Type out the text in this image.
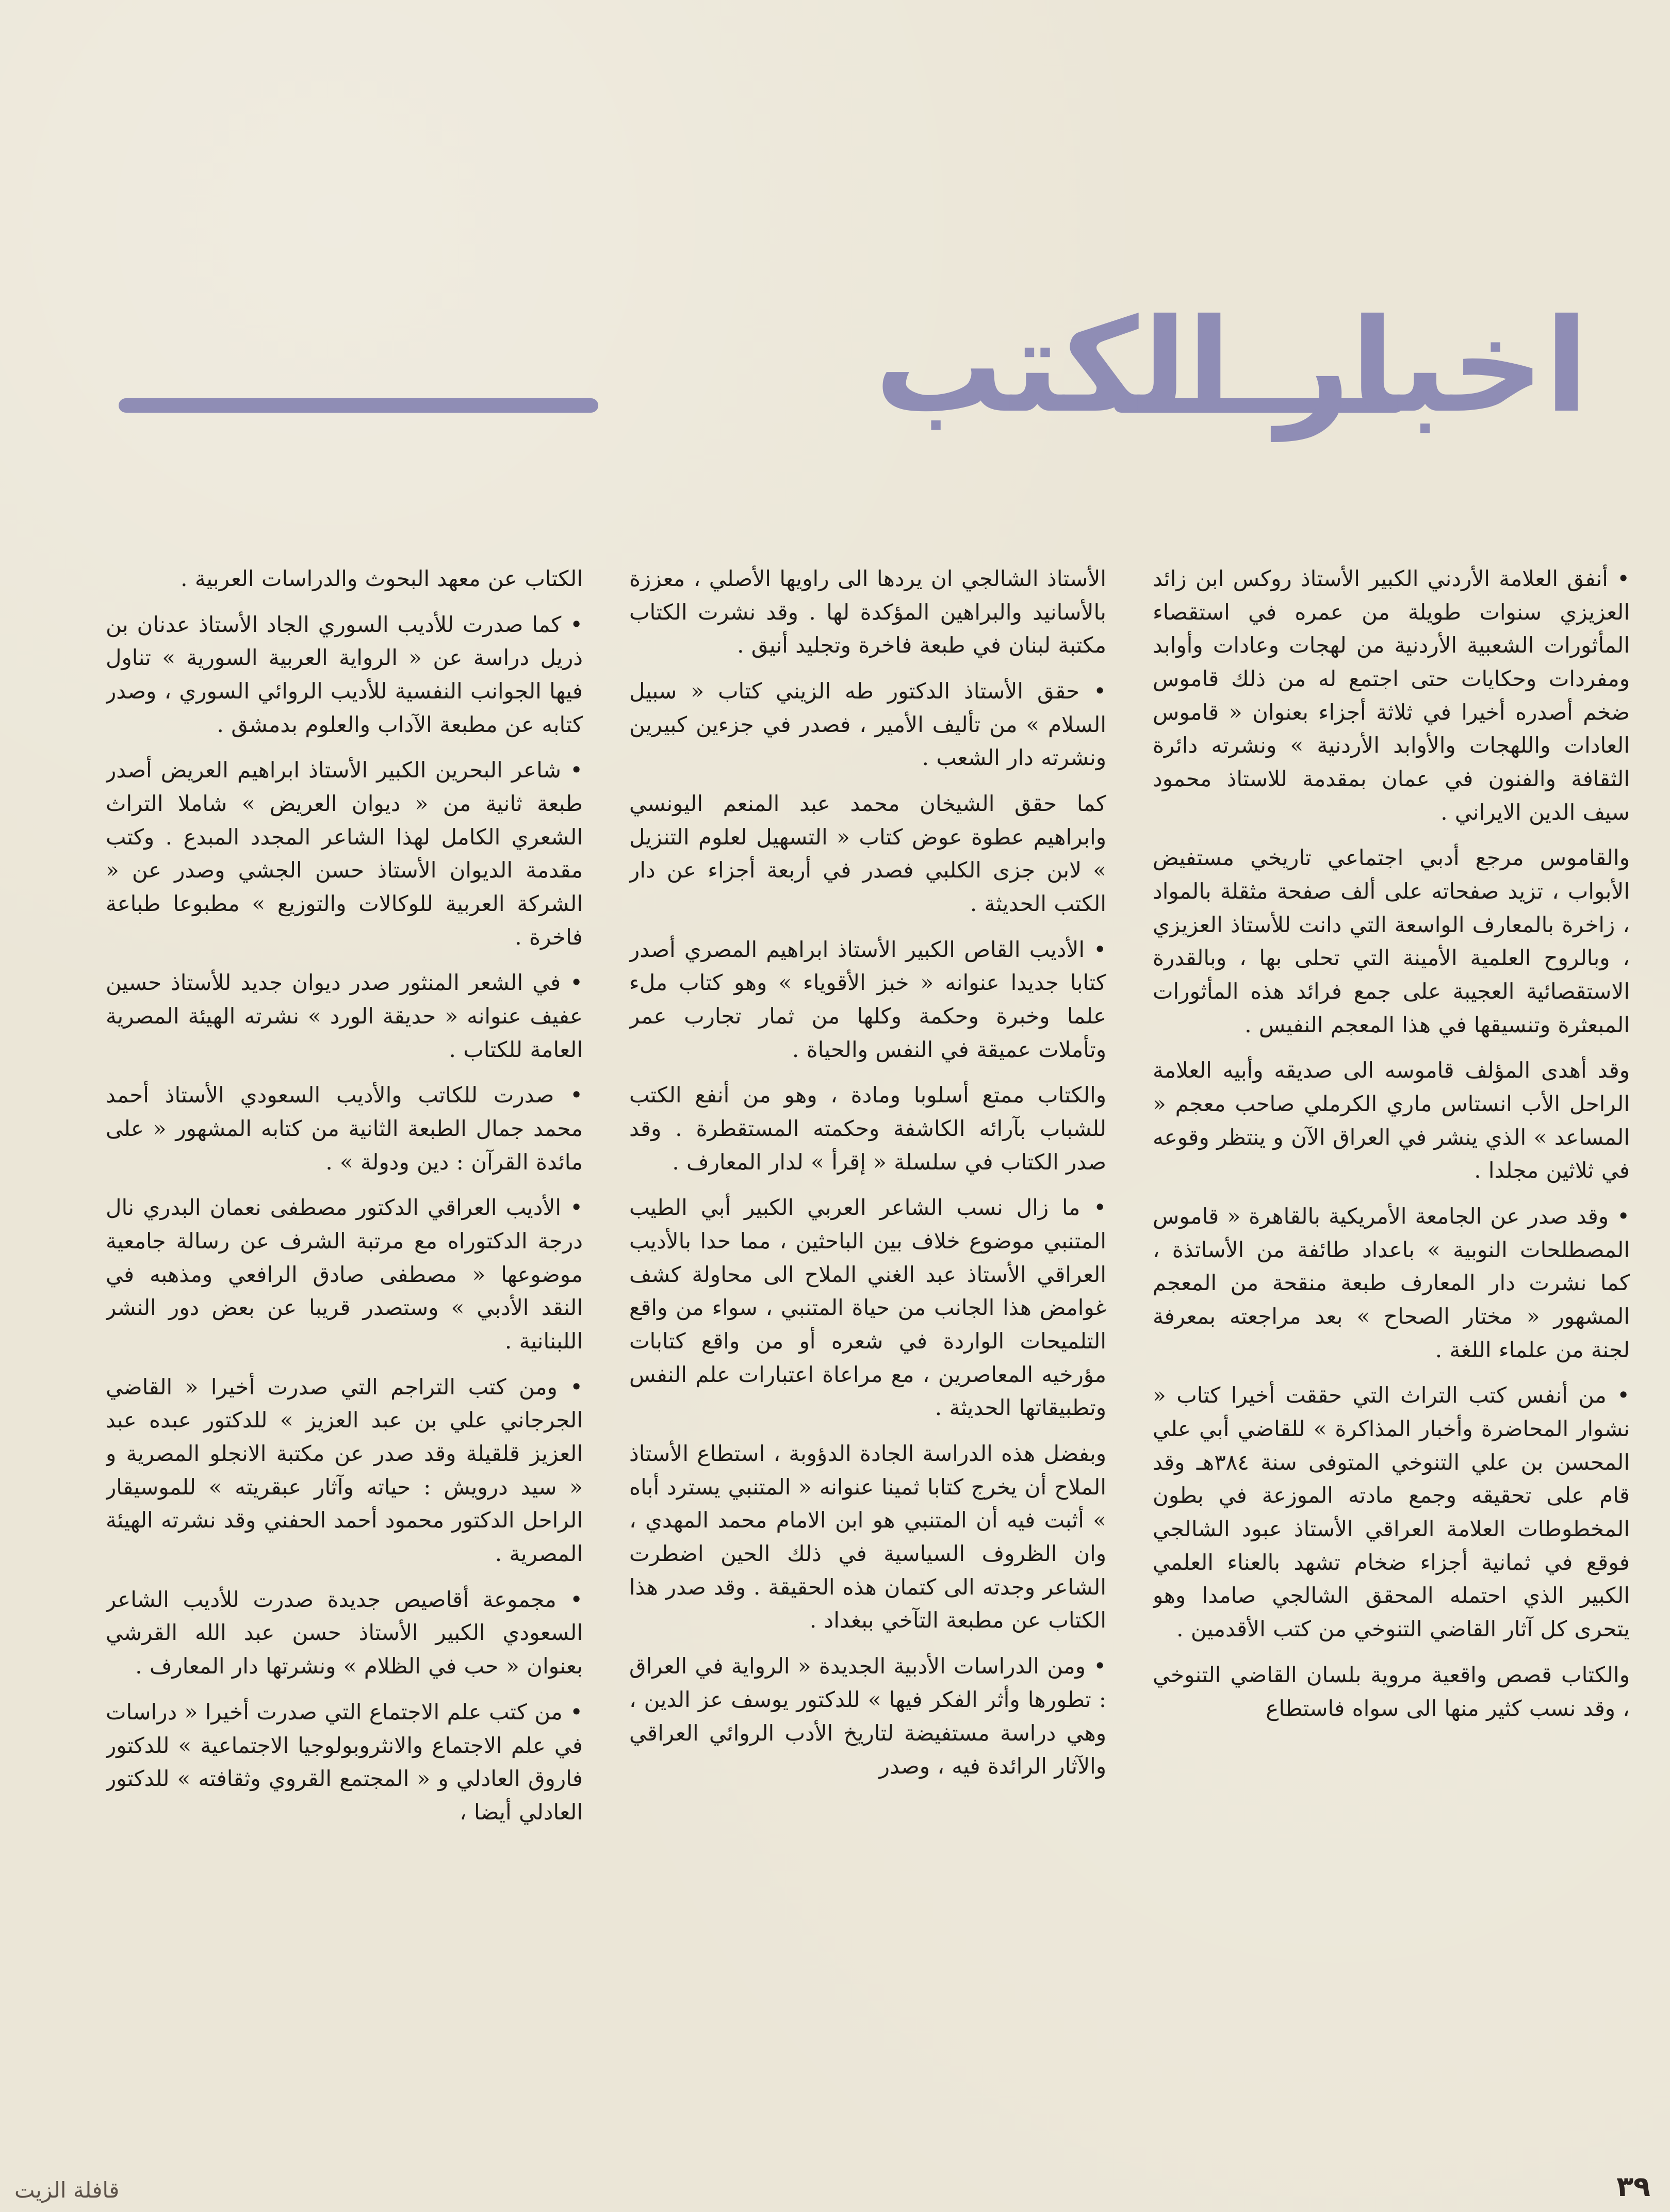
اخبار الكتب

• أنفق العلامة الأردني الكبير الأستاذ روكس ابن زائد العزيزي سنوات طويلة من عمره في استقصاء المأثورات الشعبية الأردنية من لهجات وعادات وأوابد ومفردات وحكايات حتى اجتمع له من ذلك قاموس ضخم أصدره أخيرا في ثلاثة أجزاء بعنوان « قاموس العادات واللهجات والأوابد الأردنية » ونشرته دائرة الثقافة والفنون في عمان بمقدمة للاستاذ محمود سيف الدين الايراني .

والقاموس مرجع أدبي اجتماعي تاريخي مستفيض الأبواب ، تزيد صفحاته على ألف صفحة مثقلة بالمواد ، زاخرة بالمعارف الواسعة التي دانت للأستاذ العزيزي ، وبالروح العلمية الأمينة التي تحلى بها ، وبالقدرة الاستقصائية العجيبة على جمع فرائد هذه المأثورات المبعثرة وتنسيقها في هذا المعجم النفيس .

وقد أهدى المؤلف قاموسه الى صديقه وأبيه العلامة الراحل الأب انستاس ماري الكرملي صاحب معجم « المساعد » الذي ينشر في العراق الآن و ينتظر وقوعه في ثلاثين مجلدا .

• وقد صدر عن الجامعة الأمريكية بالقاهرة « قاموس المصطلحات النوبية » باعداد طائفة من الأساتذة ، كما نشرت دار المعارف طبعة منقحة من المعجم المشهور « مختار الصحاح » بعد مراجعته بمعرفة لجنة من علماء اللغة .

• من أنفس كتب التراث التي حققت أخيرا كتاب « نشوار المحاضرة وأخبار المذاكرة » للقاضي أبي علي المحسن بن علي التنوخي المتوفى سنة ٣٨٤هـ وقد قام على تحقيقه وجمع مادته الموزعة في بطون المخطوطات العلامة العراقي الأستاذ عبود الشالجي فوقع في ثمانية أجزاء ضخام تشهد بالعناء العلمي الكبير الذي احتمله المحقق الشالجي صامدا وهو يتحرى كل آثار القاضي التنوخي من كتب الأقدمين .

والكتاب قصص واقعية مروية بلسان القاضي التنوخي ، وقد نسب كثير منها الى سواه فاستطاع

الأستاذ الشالجي ان يردها الى راويها الأصلي ، معززة بالأسانيد والبراهين المؤكدة لها . وقد نشرت الكتاب مكتبة لبنان في طبعة فاخرة وتجليد أنيق .

• حقق الأستاذ الدكتور طه الزيني كتاب « سبيل السلام » من تأليف الأمير ، فصدر في جزءين كبيرين ونشرته دار الشعب .

كما حقق الشيخان محمد عبد المنعم اليونسي وابراهيم عطوة عوض كتاب « التسهيل لعلوم التنزيل » لابن جزى الكلبي فصدر في أربعة أجزاء عن دار الكتب الحديثة .

• الأديب القاص الكبير الأستاذ ابراهيم المصري أصدر كتابا جديدا عنوانه « خبز الأقوياء » وهو كتاب ملء علما وخبرة وحكمة وكلها من ثمار تجارب عمر وتأملات عميقة في النفس والحياة .

والكتاب ممتع أسلوبا ومادة ، وهو من أنفع الكتب للشباب بآرائه الكاشفة وحكمته المستقطرة . وقد صدر الكتاب في سلسلة « إقرأ » لدار المعارف .

• ما زال نسب الشاعر العربي الكبير أبي الطيب المتنبي موضوع خلاف بين الباحثين ، مما حدا بالأديب العراقي الأستاذ عبد الغني الملاح الى محاولة كشف غوامض هذا الجانب من حياة المتنبي ، سواء من واقع التلميحات الواردة في شعره أو من واقع كتابات مؤرخيه المعاصرين ، مع مراعاة اعتبارات علم النفس وتطبيقاتها الحديثة .

وبفضل هذه الدراسة الجادة الدؤوبة ، استطاع الأستاذ الملاح أن يخرج كتابا ثمينا عنوانه « المتنبي يسترد أباه » أثبت فيه أن المتنبي هو ابن الامام محمد المهدي ، وان الظروف السياسية في ذلك الحين اضطرت الشاعر وجدته الى كتمان هذه الحقيقة . وقد صدر هذا الكتاب عن مطبعة التآخي ببغداد .

• ومن الدراسات الأدبية الجديدة « الرواية في العراق : تطورها وأثر الفكر فيها » للدكتور يوسف عز الدين ، وهي دراسة مستفيضة لتاريخ الأدب الروائي العراقي والآثار الرائدة فيه ، وصدر

الكتاب عن معهد البحوث والدراسات العربية .

• كما صدرت للأديب السوري الجاد الأستاذ عدنان بن ذريل دراسة عن « الرواية العربية السورية » تناول فيها الجوانب النفسية للأديب الروائي السوري ، وصدر كتابه عن مطبعة الآداب والعلوم بدمشق .

• شاعر البحرين الكبير الأستاذ ابراهيم العريض أصدر طبعة ثانية من « ديوان العريض » شاملا التراث الشعري الكامل لهذا الشاعر المجدد المبدع . وكتب مقدمة الديوان الأستاذ حسن الجشي وصدر عن « الشركة العربية للوكالات والتوزيع » مطبوعا طباعة فاخرة .

• في الشعر المنثور صدر ديوان جديد للأستاذ حسين عفيف عنوانه « حديقة الورد » نشرته الهيئة المصرية العامة للكتاب .

• صدرت للكاتب والأديب السعودي الأستاذ أحمد محمد جمال الطبعة الثانية من كتابه المشهور « على مائدة القرآن : دين ودولة » .

• الأديب العراقي الدكتور مصطفى نعمان البدري نال درجة الدكتوراه مع مرتبة الشرف عن رسالة جامعية موضوعها « مصطفى صادق الرافعي ومذهبه في النقد الأدبي » وستصدر قريبا عن بعض دور النشر اللبنانية .

• ومن كتب التراجم التي صدرت أخيرا « القاضي الجرجاني علي بن عبد العزيز » للدكتور عبده عبد العزيز قلقيلة وقد صدر عن مكتبة الانجلو المصرية و « سيد درويش : حياته وآثار عبقريته » للموسيقار الراحل الدكتور محمود أحمد الحفني وقد نشرته الهيئة المصرية .

• مجموعة أقاصيص جديدة صدرت للأديب الشاعر السعودي الكبير الأستاذ حسن عبد الله القرشي بعنوان « حب في الظلام » ونشرتها دار المعارف .

• من كتب علم الاجتماع التي صدرت أخيرا « دراسات في علم الاجتماع والانثروبولوجيا الاجتماعية » للدكتور فاروق العادلي و « المجتمع القروي وثقافته » للدكتور العادلي أيضا ،

قافلة الزيت	٣٩
